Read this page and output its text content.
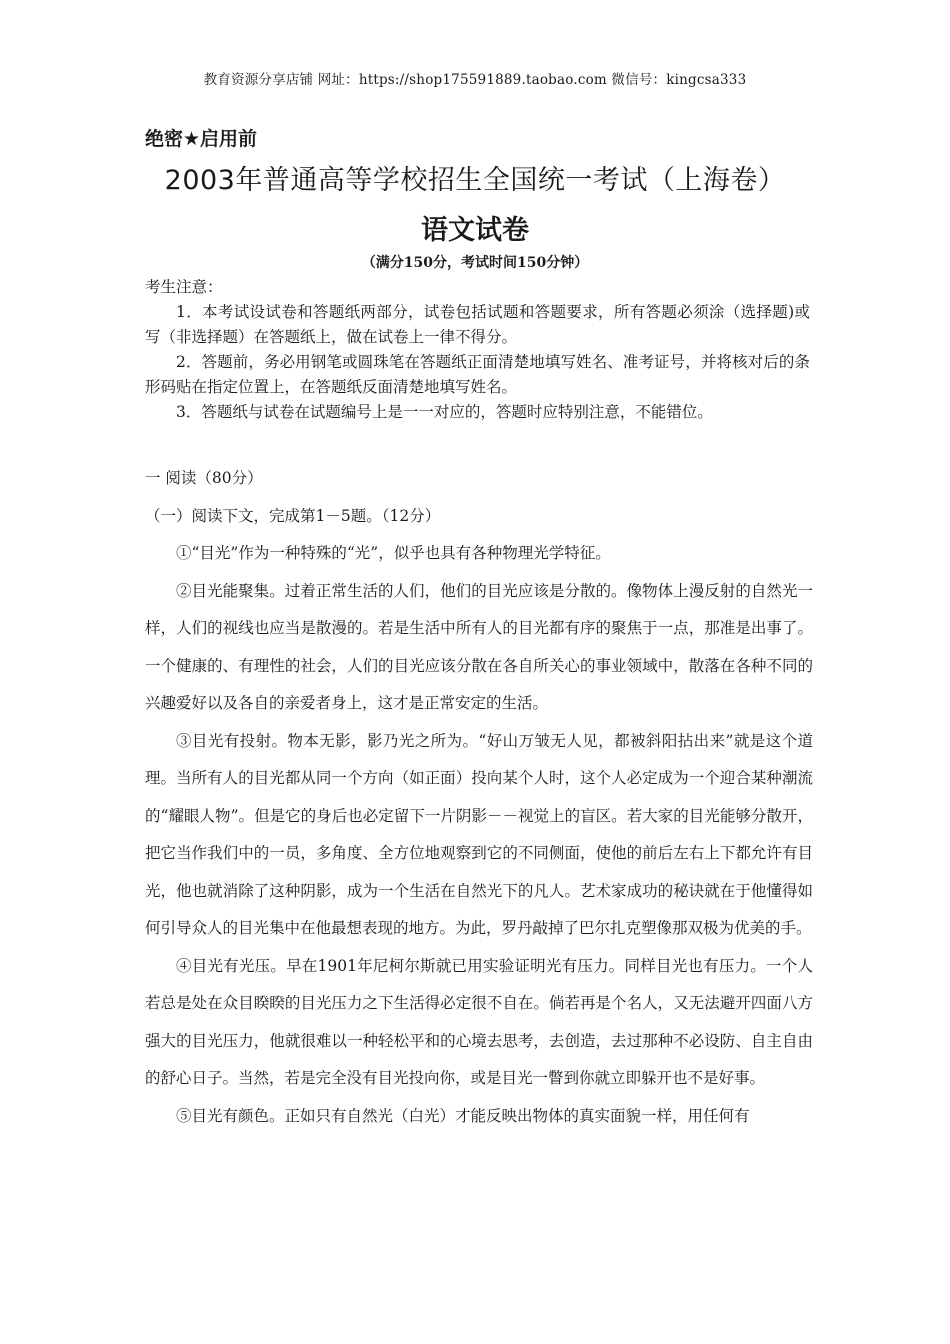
教育资源分享店铺 网址：https://shop175591889.taobao.com 微信号：kingcsa333
绝密★启用前
2003年普通高等学校招生全国统一考试（上海卷）
语文试卷
（满分150分，考试时间150分钟）
考生注意：
1．本考试设试卷和答题纸两部分，试卷包括试题和答题要求，所有答题必须涂（选择题)或写（非选择题）在答题纸上，做在试卷上一律不得分。
2．答题前，务必用钢笔或圆珠笔在答题纸正面清楚地填写姓名、准考证号，并将核对后的条形码贴在指定位置上，在答题纸反面清楚地填写姓名。
3．答题纸与试卷在试题编号上是一一对应的，答题时应特别注意，不能错位。
一 阅读（80分）
（一）阅读下文，完成第1－5题。（12分）
①“目光”作为一种特殊的“光”，似乎也具有各种物理光学特征。
②目光能聚集。过着正常生活的人们，他们的目光应该是分散的。像物体上漫反射的自然光一样，人们的视线也应当是散漫的。若是生活中所有人的目光都有序的聚焦于一点，那准是出事了。一个健康的、有理性的社会，人们的目光应该分散在各自所关心的事业领域中，散落在各种不同的兴趣爱好以及各自的亲爱者身上，这才是正常安定的生活。
③目光有投射。物本无影，影乃光之所为。“好山万皱无人见，都被斜阳拈出来”就是这个道理。当所有人的目光都从同一个方向（如正面）投向某个人时，这个人必定成为一个迎合某种潮流的“耀眼人物”。但是它的身后也必定留下一片阴影－－视觉上的盲区。若大家的目光能够分散开，把它当作我们中的一员，多角度、全方位地观察到它的不同侧面，使他的前后左右上下都允许有目光，他也就消除了这种阴影，成为一个生活在自然光下的凡人。艺术家成功的秘诀就在于他懂得如何引导众人的目光集中在他最想表现的地方。为此，罗丹敲掉了巴尔扎克塑像那双极为优美的手。
④目光有光压。早在1901年尼柯尔斯就已用实验证明光有压力。同样目光也有压力。一个人若总是处在众目睽睽的目光压力之下生活得必定很不自在。倘若再是个名人，又无法避开四面八方强大的目光压力，他就很难以一种轻松平和的心境去思考，去创造，去过那种不必设防、自主自由的舒心日子。当然，若是完全没有目光投向你，或是目光一瞥到你就立即躲开也不是好事。
⑤目光有颜色。正如只有自然光（白光）才能反映出物体的真实面貌一样，用任何有
